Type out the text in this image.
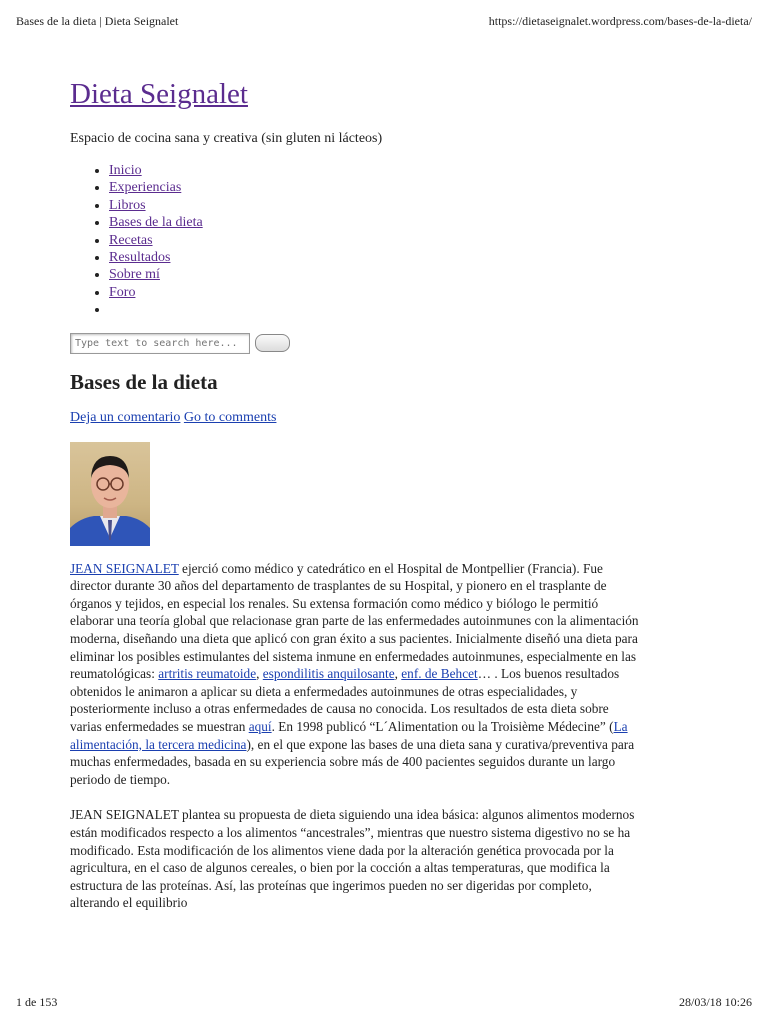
Bases de la dieta | Dieta Seignalet	https://dietaseignalet.wordpress.com/bases-de-la-dieta/
Dieta Seignalet
Espacio de cocina sana y creativa (sin gluten ni lácteos)
• Inicio
• Experiencias
• Libros
• Bases de la dieta
• Recetas
• Resultados
• Sobre mí
• Foro
•
Type text to search here...
Bases de la dieta
Deja un comentario Go to comments

JEAN SEIGNALET ejerció como médico y catedrático en el Hospital de Montpellier (Francia). Fue director durante 30 años del departamento de trasplantes de su Hospital, y pionero en el trasplante de órganos y tejidos, en especial los renales. Su extensa formación como médico y biólogo le permitió elaborar una teoría global que relacionase gran parte de las enfermedades autoinmunes con la alimentación moderna, diseñando una dieta que aplicó con gran éxito a sus pacientes. Inicialmente diseñó una dieta para eliminar los posibles estimulantes del sistema inmune en enfermedades autoinmunes, especialmente en las reumatológicas: artritis reumatoide, espondilitis anquilosante, enf. de Behcet… . Los buenos resultados obtenidos le animaron a aplicar su dieta a enfermedades autoinmunes de otras especialidades, y posteriormente incluso a otras enfermedades de causa no conocida. Los resultados de esta dieta sobre varias enfermedades se muestran aquí. En 1998 publicó “L´Alimentation ou la Troisième Médecine” (La alimentación, la tercera medicina), en el que expone las bases de una dieta sana y curativa/preventiva para muchas enfermedades, basada en su experiencia sobre más de 400 pacientes seguidos durante un largo periodo de tiempo.

JEAN SEIGNALET plantea su propuesta de dieta siguiendo una idea básica: algunos alimentos modernos están modificados respecto a los alimentos “ancestrales”, mientras que nuestro sistema digestivo no se ha modificado. Esta modificación de los alimentos viene dada por la alteración genética provocada por la agricultura, en el caso de algunos cereales, o bien por la cocción a altas temperaturas, que modifica la estructura de las proteínas. Así, las proteínas que ingerimos pueden no ser digeridas por completo, alterando el equilibrio

1 de 153	28/03/18 10:26
